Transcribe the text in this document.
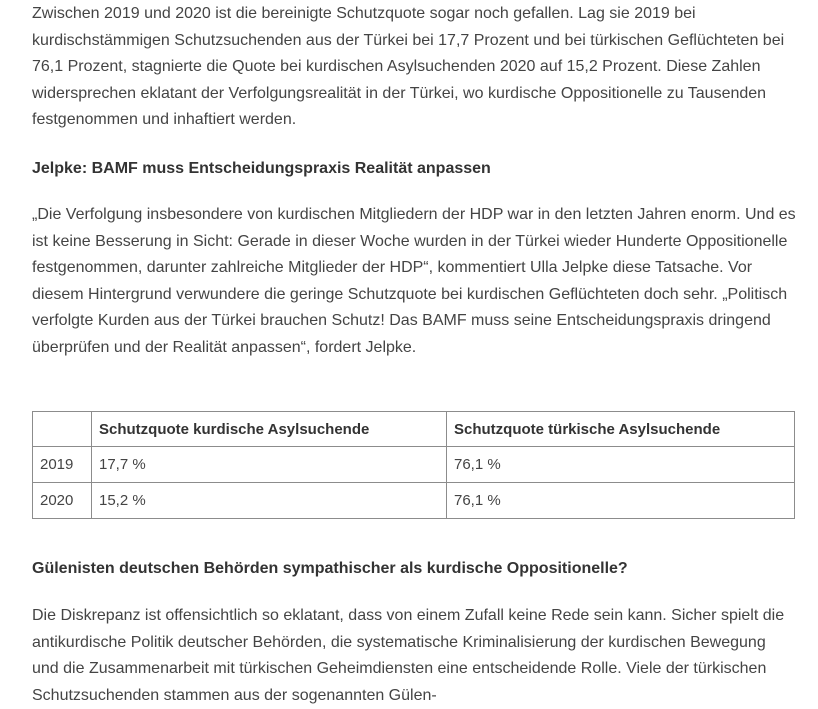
Zwischen 2019 und 2020 ist die bereinigte Schutzquote sogar noch gefallen. Lag sie 2019 bei kurdischstämmigen Schutzsuchenden aus der Türkei bei 17,7 Prozent und bei türkischen Geflüchteten bei 76,1 Prozent, stagnierte die Quote bei kurdischen Asylsuchenden 2020 auf 15,2 Prozent. Diese Zahlen widersprechen eklatant der Verfolgungsrealität in der Türkei, wo kurdische Oppositionelle zu Tausenden festgenommen und inhaftiert werden.

Jelpke: BAMF muss Entscheidungspraxis Realität anpassen

„Die Verfolgung insbesondere von kurdischen Mitgliedern der HDP war in den letzten Jahren enorm. Und es ist keine Besserung in Sicht: Gerade in dieser Woche wurden in der Türkei wieder Hunderte Oppositionelle festgenommen, darunter zahlreiche Mitglieder der HDP“, kommentiert Ulla Jelpke diese Tatsache. Vor diesem Hintergrund verwundere die geringe Schutzquote bei kurdischen Geflüchteten doch sehr. „Politisch verfolgte Kurden aus der Türkei brauchen Schutz! Das BAMF muss seine Entscheidungspraxis dringend überprüfen und der Realität anpassen“, fordert Jelpke.

	Schutzquote kurdische Asylsuchende	Schutzquote türkische Asylsuchende
2019	17,7 %	76,1 %
2020	15,2 %	76,1 %
Gülenisten deutschen Behörden sympathischer als kurdische Oppositionelle?

Die Diskrepanz ist offensichtlich so eklatant, dass von einem Zufall keine Rede sein kann. Sicher spielt die antikurdische Politik deutscher Behörden, die systematische Kriminalisierung der kurdischen Bewegung und die Zusammenarbeit mit türkischen Geheimdiensten eine entscheidende Rolle. Viele der türkischen Schutzsuchenden stammen aus der sogenannten Gülen-
